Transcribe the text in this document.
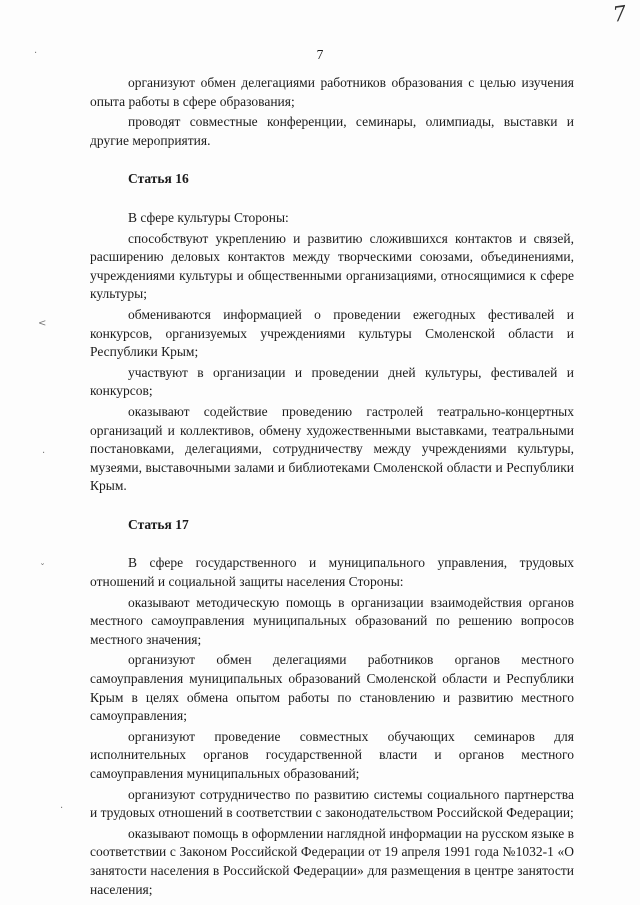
7
7
·
<
·
ˇ
.

организуют обмен делегациями работников образования с целью изучения опыта работы в сфере образования;

проводят совместные конференции, семинары, олимпиады, выставки и другие мероприятия.

Статья 16

В сфере культуры Стороны:

способствуют укреплению и развитию сложившихся контактов и связей, расширению деловых контактов между творческими союзами, объединениями, учреждениями культуры и общественными организациями, относящимися к сфере культуры;

обмениваются информацией о проведении ежегодных фестивалей и конкурсов, организуемых учреждениями культуры Смоленской области и Республики Крым;

участвуют в организации и проведении дней культуры, фестивалей и конкурсов;

оказывают содействие проведению гастролей театрально-концертных организаций и коллективов, обмену художественными выставками, театральными постановками, делегациями, сотрудничеству между учреждениями культуры, музеями, выставочными залами и библиотеками Смоленской области и Республики Крым.

Статья 17

В сфере государственного и муниципального управления, трудовых отношений и социальной защиты населения Стороны:

оказывают методическую помощь в организации взаимодействия органов местного самоуправления муниципальных образований по решению вопросов местного значения;

организуют обмен делегациями работников органов местного самоуправления муниципальных образований Смоленской области и Республики Крым в целях обмена опытом работы по становлению и развитию местного самоуправления;

организуют проведение совместных обучающих семинаров для исполнительных органов государственной власти и органов местного самоуправления муниципальных образований;

организуют сотрудничество по развитию системы социального партнерства и трудовых отношений в соответствии с законодательством Российской Федерации;

оказывают помощь в оформлении наглядной информации на русском языке в соответствии с Законом Российской Федерации от 19 апреля 1991 года №1032-1 «О занятости населения в Российской Федерации» для размещения в центре занятости населения;
